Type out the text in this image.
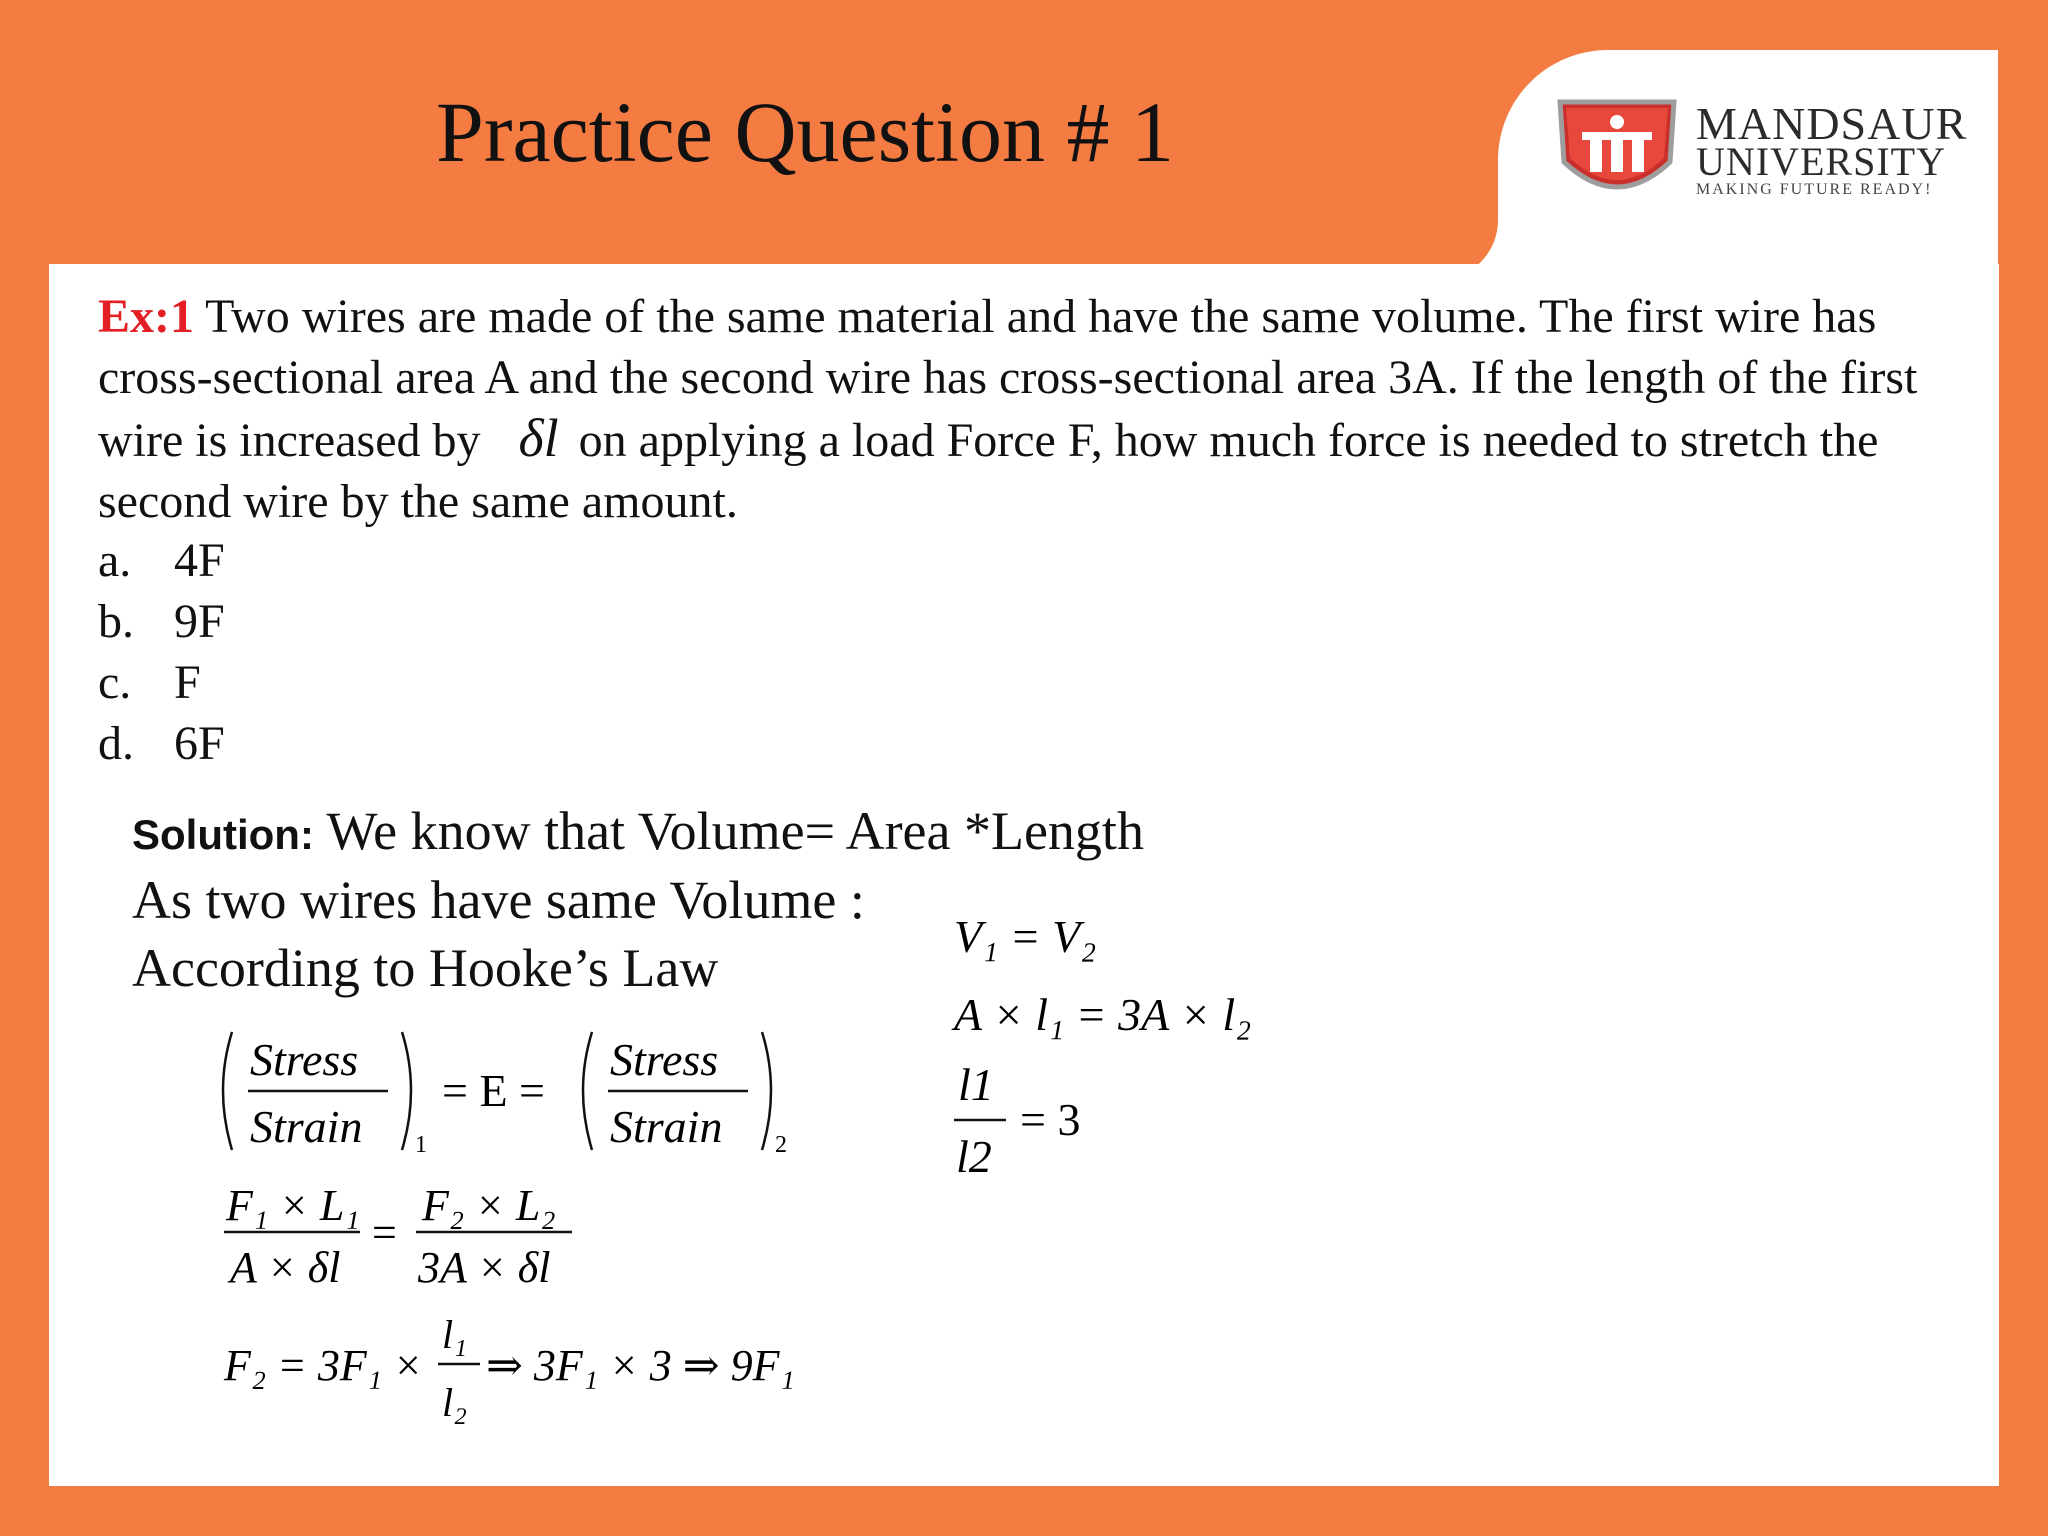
Practice Question # 1	MANDSAUR
UNIVERSITY
MAKING FUTURE READY!
Ex:1 Two wires are made of the same material and have the same volume. The first wire has cross-sectional area A and the second wire has cross-sectional area 3A. If the length of the first wire is increased by δl on applying a load Force F, how much force is needed to stretch the second wire by the same amount.
a. 4F
b. 9F
c. F
d. 6F
Solution: We know that Volume= Area *Length
As two wires have same Volume :
According to Hooke’s Law
Stress
Strain 1
= E =
Stress
Strain 2
F₁ × L₁
A × δl
=
F₂ × L₂
3A × δl
F₂ = 3F₁ ×
l₁
l₂
⇒ 3F₁ × 3 ⇒ 9F₁
V₁ = V₂
A × l₁ = 3A × l₂
l1
l2
= 3
